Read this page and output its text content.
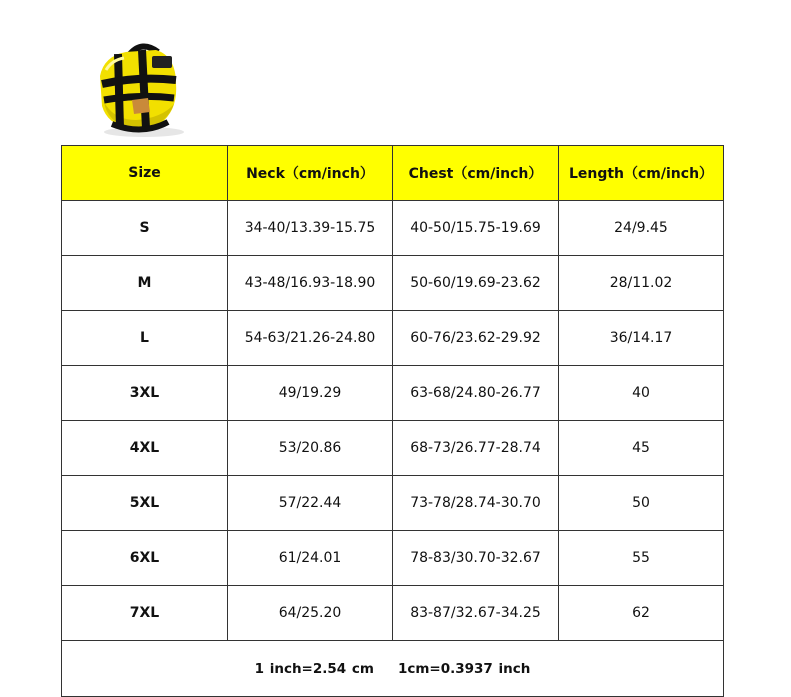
Size	Neck（cm/inch）	Chest（cm/inch）	Length（cm/inch）
S	34-40/13.39-15.75	40-50/15.75-19.69	24/9.45
M	43-48/16.93-18.90	50-60/19.69-23.62	28/11.02
L	54-63/21.26-24.80	60-76/23.62-29.92	36/14.17
3XL	49/19.29	63-68/24.80-26.77	40
4XL	53/20.86	68-73/26.77-28.74	45
5XL	57/22.44	73-78/28.74-30.70	50
6XL	61/24.01	78-83/30.70-32.67	55
7XL	64/25.20	83-87/32.67-34.25	62
1 inch=2.54 cm 1cm=0.3937 inch			
